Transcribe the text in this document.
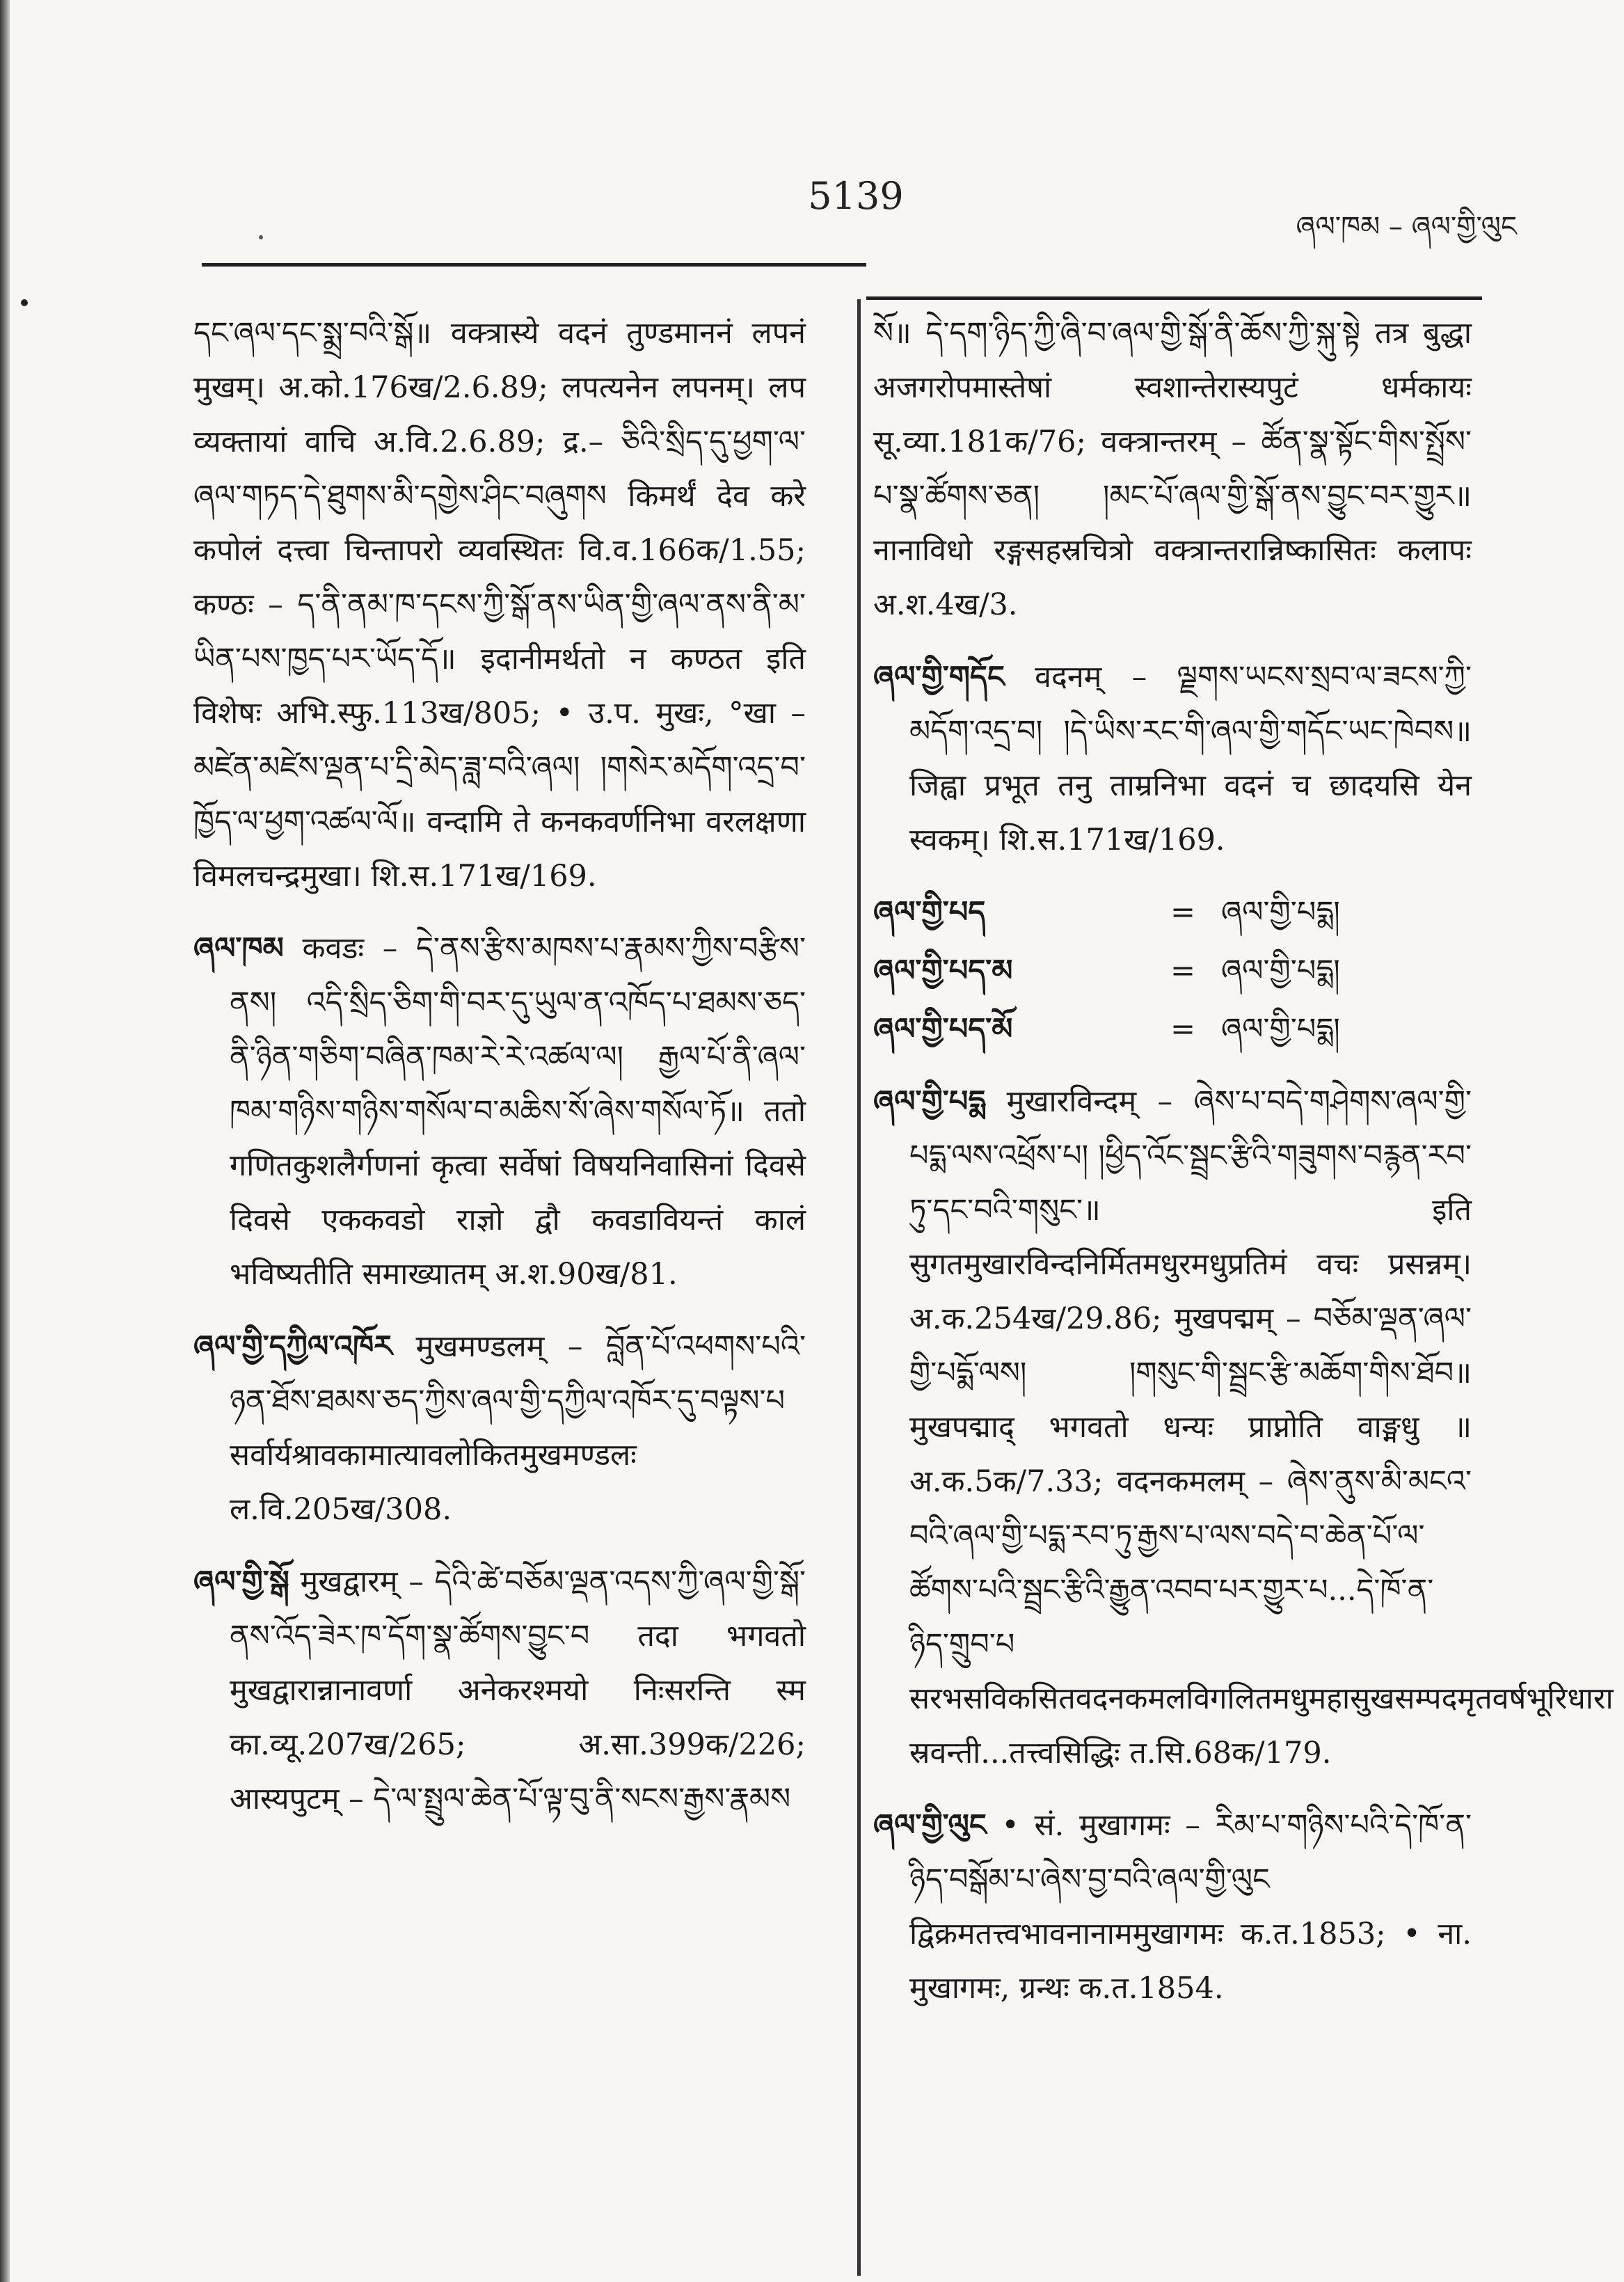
5139
ཞལ་ཁམ – ཞལ་གྱི་ལུང

དང་ཞལ་དང་སྨྲ་བའི་སྒོ॥ वक्त्रास्ये वदनं तुण्डमाननं लपनं मुखम्। अ.को.176ख/2.6.89; लपत्यनेन लपनम्। लप व्यक्तायां वाचि अ.वि.2.6.89; द्र.– ཅིའི་སྲིད་དུ་ཕྱག་ལ་ཞལ་གཏད་དེ་ཐུགས་མི་དགྱེས་ཤིང་བཞུགས किमर्थं देव करे कपोलं दत्त्वा चिन्तापरो व्यवस्थितः वि.व.166क/1.55; कण्ठः – ད་ནི་ནམ་ཁ་དངས་ཀྱི་སྒོ་ནས་ཡིན་གྱི་ཞལ་ནས་ནི་མ་ཡིན་པས་ཁྱད་པར་ཡོད་དོ॥ इदानीमर्थतो न कण्ठत इति विशेषः अभि.स्फु.113ख/805; • उ.प. मुखः, °खा – མཛེན་མཛེས་ལྡན་པ་དྲི་མེད་ཟླ་བའི་ཞལ། །གསེར་མདོག་འདྲ་བ་ཁྱོད་ལ་ཕྱག་འཚལ་ལོ॥ वन्दामि ते कनकवर्णनिभा वरलक्षणा विमलचन्द्रमुखा। शि.स.171ख/169.

ཞལ་ཁམ कवडः – དེ་ནས་རྩིས་མཁས་པ་རྣམས་ཀྱིས་བརྩིས་ནས། འདི་སྲིད་ཅིག་གི་བར་དུ་ཡུལ་ན་འཁོད་པ་ཐམས་ཅད་ནི་ཉིན་གཅིག་བཞིན་ཁམ་རེ་རེ་འཚལ་ལ། རྒྱལ་པོ་ནི་ཞལ་ཁམ་གཉིས་གཉིས་གསོལ་བ་མཆིས་སོ་ཞེས་གསོལ་ཏོ॥ ततो गणितकुशलैर्गणनां कृत्वा सर्वेषां विषयनिवासिनां दिवसे दिवसे एककवडो राज्ञो द्वौ कवडावियन्तं कालं भविष्यतीति समाख्यातम् अ.श.90ख/81.

ཞལ་གྱི་དཀྱིལ་འཁོར मुखमण्डलम् – བློན་པོ་འཕགས་པའི་ཉན་ཐོས་ཐམས་ཅད་ཀྱིས་ཞལ་གྱི་དཀྱིལ་འཁོར་དུ་བལྟས་པ सर्वार्यश्रावकामात्यावलोकितमुखमण्डलः ल.वि.205ख/308.

ཞལ་གྱི་སྒོ मुखद्वारम् – དེའི་ཚེ་བཅོམ་ལྡན་འདས་ཀྱི་ཞལ་གྱི་སྒོ་ནས་འོད་ཟེར་ཁ་དོག་སྣ་ཚོགས་བྱུང་བ तदा भगवतो मुखद्वारान्नानावर्णा अनेकरश्मयो निःसरन्ति स्म का.व्यू.207ख/265; अ.सा.399क/226; आस्यपुटम् – དེ་ལ་སྤྲུལ་ཆེན་པོ་ལྟ་བུ་ནི་སངས་རྒྱས་རྣམས

སོ॥ དེ་དག་ཉིད་ཀྱི་ཞི་བ་ཞལ་གྱི་སྒོ་ནི་ཆོས་ཀྱི་སྐུ་སྟེ तत्र बुद्धा अजगरोपमास्तेषां स्वशान्तेरास्यपुटं धर्मकायः सू.व्या.181क/76; वक्त्रान्तरम् – ཚོན་སྣ་སྟོང་གིས་སྤྲོས་པ་སྣ་ཚོགས་ཅན། །མང་པོ་ཞལ་གྱི་སྒོ་ནས་བྱུང་བར་གྱུར॥ नानाविधो रङ्गसहस्रचित्रो वक्त्रान्तरान्निष्कासितः कलापः अ.श.4ख/3.

ཞལ་གྱི་གདོང वदनम् – ལྗགས་ཡངས་སྲབ་ལ་ཟངས་ཀྱི་མདོག་འདྲ་བ། །དེ་ཡིས་རང་གི་ཞལ་གྱི་གདོང་ཡང་ཁེབས॥ जिह्वा प्रभूत तनु ताम्रनिभा वदनं च छादयसि येन स्वकम्। शि.स.171ख/169.

ཞལ་གྱི་པད	= ཞལ་གྱི་པདྨ།
ཞལ་གྱི་པད་མ	= ཞལ་གྱི་པདྨ།
ཞལ་གྱི་པད་མོ	= ཞལ་གྱི་པདྨ།

ཞལ་གྱི་པདྨ मुखारविन्दम् – ཞེས་པ་བདེ་གཤེགས་ཞལ་གྱི་པདྨ་ལས་འཕྲོས་པ། །ཕྱིད་འོང་སྦྲང་རྩིའི་གཟུགས་བརྙན་རབ་ཏུ་དང་བའི་གསུང་॥ इति सुगतमुखारविन्दनिर्मितमधुरमधुप्रतिमं वचः प्रसन्नम्। अ.क.254ख/29.86; मुखपद्मम् – བཅོམ་ལྡན་ཞལ་གྱི་པདྨོ་ལས། །གསུང་གི་སྦྲང་རྩི་མཆོག་གིས་ཐོབ॥ मुखपद्माद् भगवतो धन्यः प्राप्नोति वाङ्मधु ॥ अ.क.5क/7.33; वदनकमलम् – ཞེས་ནུས་མི་མངའ་བའི་ཞལ་གྱི་པདྨ་རབ་ཏུ་རྒྱས་པ་ལས་བདེ་བ་ཆེན་པོ་ལ་ཚོགས་པའི་སྦྲང་རྩིའི་རྒྱུན་འབབ་པར་གྱུར་པ...དེ་ཁོ་ན་ཉིད་གྲུབ་པ सरभसविकसितवदनकमलविगलितमधुमहासुखसम्पदमृतवर्षभूरिधारा स्रवन्ती...तत्त्वसिद्धिः त.सि.68क/179.

ཞལ་གྱི་ལུང • सं. मुखागमः – རིམ་པ་གཉིས་པའི་དེ་ཁོ་ན་ཉིད་བསྒོམ་པ་ཞེས་བྱ་བའི་ཞལ་གྱི་ལུང द्विक्रमतत्त्वभावनानाममुखागमः क.त.1853; • ना. मुखागमः, ग्रन्थः क.त.1854.
